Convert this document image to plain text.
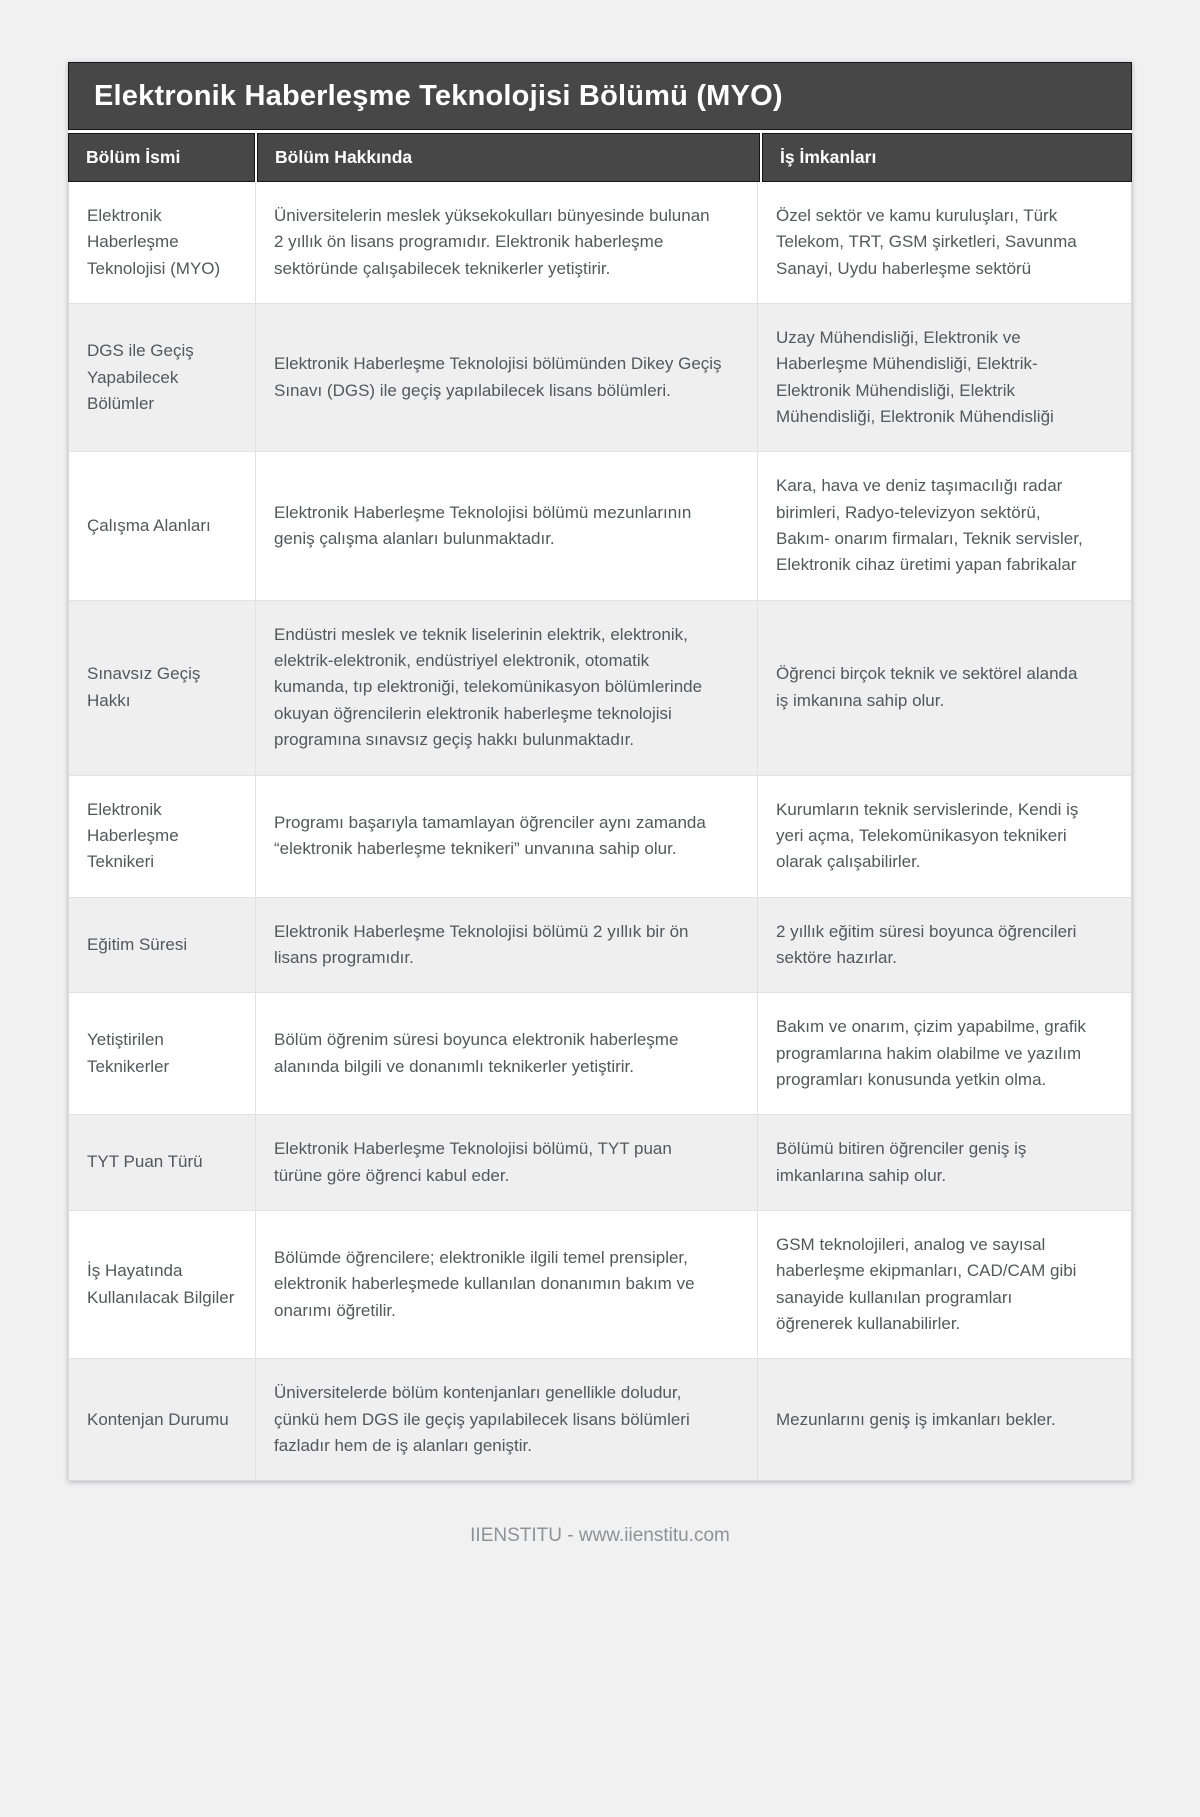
Elektronik Haberleşme Teknolojisi Bölümü (MYO)
Bölüm İsmi	Bölüm Hakkında	İş İmkanları
Elektronik Haberleşme Teknolojisi (MYO)
Üniversitelerin meslek yüksekokulları bünyesinde bulunan 2 yıllık ön lisans programıdır. Elektronik haberleşme sektöründe çalışabilecek teknikerler yetiştirir.
Özel sektör ve kamu kuruluşları, Türk Telekom, TRT, GSM şirketleri, Savunma Sanayi, Uydu haberleşme sektörü
DGS ile Geçiş Yapabilecek Bölümler
Elektronik Haberleşme Teknolojisi bölümünden Dikey Geçiş Sınavı (DGS) ile geçiş yapılabilecek lisans bölümleri.
Uzay Mühendisliği, Elektronik ve Haberleşme Mühendisliği, Elektrik-Elektronik Mühendisliği, Elektrik Mühendisliği, Elektronik Mühendisliği
Çalışma Alanları
Elektronik Haberleşme Teknolojisi bölümü mezunlarının geniş çalışma alanları bulunmaktadır.
Kara, hava ve deniz taşımacılığı radar birimleri, Radyo-televizyon sektörü, Bakım- onarım firmaları, Teknik servisler, Elektronik cihaz üretimi yapan fabrikalar
Sınavsız Geçiş Hakkı
Endüstri meslek ve teknik liselerinin elektrik, elektronik, elektrik-elektronik, endüstriyel elektronik, otomatik kumanda, tıp elektroniği, telekomünikasyon bölümlerinde okuyan öğrencilerin elektronik haberleşme teknolojisi programına sınavsız geçiş hakkı bulunmaktadır.
Öğrenci birçok teknik ve sektörel alanda iş imkanına sahip olur.
Elektronik Haberleşme Teknikeri
Programı başarıyla tamamlayan öğrenciler aynı zamanda “elektronik haberleşme teknikeri” unvanına sahip olur.
Kurumların teknik servislerinde, Kendi iş yeri açma, Telekomünikasyon teknikeri olarak çalışabilirler.
Eğitim Süresi
Elektronik Haberleşme Teknolojisi bölümü 2 yıllık bir ön lisans programıdır.
2 yıllık eğitim süresi boyunca öğrencileri sektöre hazırlar.
Yetiştirilen Teknikerler
Bölüm öğrenim süresi boyunca elektronik haberleşme alanında bilgili ve donanımlı teknikerler yetiştirir.
Bakım ve onarım, çizim yapabilme, grafik programlarına hakim olabilme ve yazılım programları konusunda yetkin olma.
TYT Puan Türü
Elektronik Haberleşme Teknolojisi bölümü, TYT puan türüne göre öğrenci kabul eder.
Bölümü bitiren öğrenciler geniş iş imkanlarına sahip olur.
İş Hayatında Kullanılacak Bilgiler
Bölümde öğrencilere; elektronikle ilgili temel prensipler, elektronik haberleşmede kullanılan donanımın bakım ve onarımı öğretilir.
GSM teknolojileri, analog ve sayısal haberleşme ekipmanları, CAD/CAM gibi sanayide kullanılan programları öğrenerek kullanabilirler.
Kontenjan Durumu
Üniversitelerde bölüm kontenjanları genellikle doludur, çünkü hem DGS ile geçiş yapılabilecek lisans bölümleri fazladır hem de iş alanları geniştir.
Mezunlarını geniş iş imkanları bekler.
IIENSTITU - www.iienstitu.com
